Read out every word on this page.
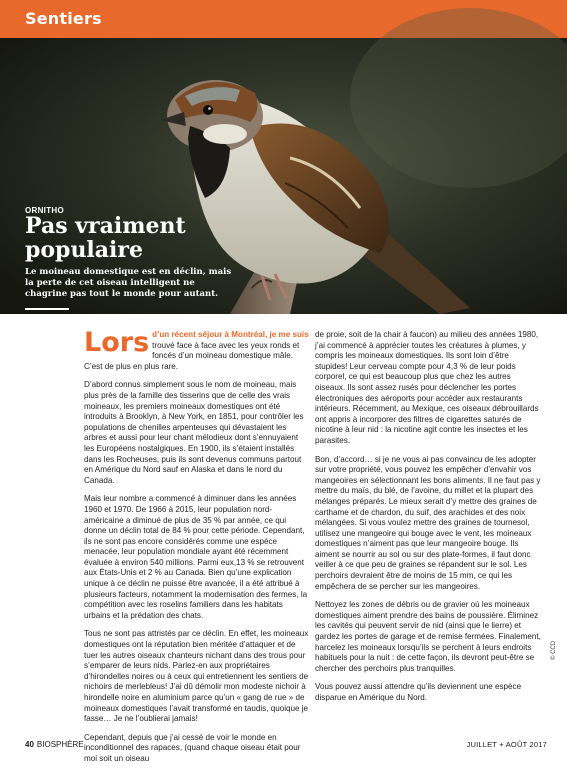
Sentiers
ORNITHO
Pas vraiment populaire
Le moineau domestique est en déclin, mais la perte de cet oiseau intelligent ne chagrine pas tout le monde pour autant.
Par David Bird

Lors d’un récent séjour à Montréal, je me suis trouvé face à face avec les yeux ronds et foncés d’un moineau domestique mâle. C’est de plus en plus rare.

D’abord connus simplement sous le nom de moineau, mais plus près de la famille des tisserins que de celle des vrais moineaux, les premiers moineaux domestiques ont été introduits à Brooklyn, à New York, en 1851, pour contrôler les populations de chenilles arpenteuses qui dévastaient les arbres et aussi pour leur chant mélodieux dont s’ennuyaient les Européens nostalgiques. En 1900, ils s’étaient installés dans les Rocheuses, puis ils sont devenus communs partout en Amérique du Nord sauf en Alaska et dans le nord du Canada.

Mais leur nombre a commencé à diminuer dans les années 1960 et 1970. De 1966 à 2015, leur population nord-américaine a diminué de plus de 35 % par année, ce qui donne un déclin total de 84 % pour cette période. Cependant, ils ne sont pas encore considérés comme une espèce menacée, leur population mondiale ayant été récemment évaluée à environ 540 millions. Parmi eux,13 % se retrouvent aux États-Unis et 2 % au Canada. Bien qu’une explication unique à ce déclin ne puisse être avancée, il a été attribué à plusieurs facteurs, notamment la modernisation des fermes, la compétition avec les roselins familiers dans les habitats urbains et la prédation des chats.

Tous ne sont pas attristés par ce déclin. En effet, les moineaux domestiques ont la réputation bien méritée d’attaquer et de tuer les autres oiseaux chanteurs nichant dans des trous pour s’emparer de leurs nids. Parlez-en aux propriétaires d’hirondelles noires ou à ceux qui entretiennent les sentiers de nichoirs de merlebleus! J’ai dû démolir mon modeste nichoir à hirondelle noire en aluminium parce qu’un « gang de rue » de moineaux domestiques l’avait transformé en taudis, quoique je fasse… Je ne l’oublierai jamais!

Cependant, depuis que j’ai cessé de voir le monde en inconditionnel des rapaces, (quand chaque oiseau était pour moi soit un oiseau

de proie, soit de la chair à faucon) au milieu des années 1980, j’ai commencé à apprécier toutes les créatures à plumes, y compris les moineaux domestiques. Ils sont loin d’être stupides! Leur cerveau compte pour 4,3 % de leur poids corporel, ce qui est beaucoup plus que chez les autres oiseaux. Ils sont assez rusés pour déclencher les portes électroniques des aéroports pour accéder aux restaurants intérieurs. Récemment, au Mexique, ces oiseaux débrouillards ont appris à incorporer des filtres de cigarettes saturés de nicotine à leur nid : la nicotine agit contre les insectes et les parasites.

Bon, d’accord… si je ne vous ai pas convaincu de les adopter sur votre propriété, vous pouvez les empêcher d’envahir vos mangeoires en sélectionnant les bons aliments. Il ne faut pas y mettre du maïs, du blé, de l’avoine, du millet et la plupart des mélanges préparés. Le mieux serait d’y mettre des graines de carthame et de chardon, du suif, des arachides et des noix mélangées. Si vous voulez mettre des graines de tournesol, utilisez une mangeoire qui bouge avec le vent, les moineaux domestiques n’aiment pas que leur mangeoire bouge. Ils aiment se nourrir au sol ou sur des plate-formes, il faut donc veiller à ce que peu de graines se répandent sur le sol. Les perchoirs devraient être de moins de 15 mm, ce qui les empêchera de se percher sur les mangeoires.

Nettoyez les zones de débris ou de gravier où les moineaux domestiques aiment prendre des bains de poussière. Éliminez les cavités qui peuvent servir de nid (ainsi que le lierre) et gardez les portes de garage et de remise fermées. Finalement, harcelez les moineaux lorsqu’ils se perchent à leurs endroits habituels pour la nuit : de cette façon, ils devront peut-être se chercher des perchoirs plus tranquilles.

Vous pouvez aussi attendre qu’ils deviennent une espèce disparue en Amérique du Nord.

© CCD
40 BIOSPHÈRE	JUILLET + AOÛT 2017
